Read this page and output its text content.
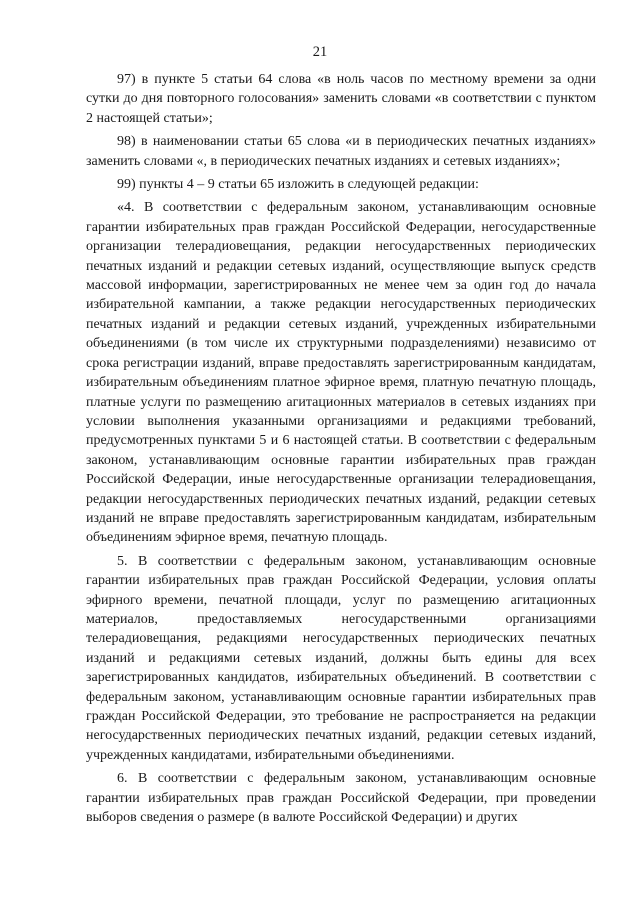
21

97) в пункте 5 статьи 64 слова «в ноль часов по местному времени за одни сутки до дня повторного голосования» заменить словами «в соответствии с пунктом 2 настоящей статьи»;

98) в наименовании статьи 65 слова «и в периодических печатных изданиях» заменить словами «, в периодических печатных изданиях и сетевых изданиях»;

99) пункты 4 – 9 статьи 65 изложить в следующей редакции:

«4. В соответствии с федеральным законом, устанавливающим основные гарантии избирательных прав граждан Российской Федерации, негосударственные организации телерадиовещания, редакции негосударственных периодических печатных изданий и редакции сетевых изданий, осуществляющие выпуск средств массовой информации, зарегистрированных не менее чем за один год до начала избирательной кампании, а также редакции негосударственных периодических печатных изданий и редакции сетевых изданий, учрежденных избирательными объединениями (в том числе их структурными подразделениями) независимо от срока регистрации изданий, вправе предоставлять зарегистрированным кандидатам, избирательным объединениям платное эфирное время, платную печатную площадь, платные услуги по размещению агитационных материалов в сетевых изданиях при условии выполнения указанными организациями и редакциями требований, предусмотренных пунктами 5 и 6 настоящей статьи. В соответствии с федеральным законом, устанавливающим основные гарантии избирательных прав граждан Российской Федерации, иные негосударственные организации телерадиовещания, редакции негосударственных периодических печатных изданий, редакции сетевых изданий не вправе предоставлять зарегистрированным кандидатам, избирательным объединениям эфирное время, печатную площадь.

5. В соответствии с федеральным законом, устанавливающим основные гарантии избирательных прав граждан Российской Федерации, условия оплаты эфирного времени, печатной площади, услуг по размещению агитационных материалов, предоставляемых негосударственными организациями телерадиовещания, редакциями негосударственных периодических печатных изданий и редакциями сетевых изданий, должны быть едины для всех зарегистрированных кандидатов, избирательных объединений. В соответствии с федеральным законом, устанавливающим основные гарантии избирательных прав граждан Российской Федерации, это требование не распространяется на редакции негосударственных периодических печатных изданий, редакции сетевых изданий, учрежденных кандидатами, избирательными объединениями.

6. В соответствии с федеральным законом, устанавливающим основные гарантии избирательных прав граждан Российской Федерации, при проведении выборов сведения о размере (в валюте Российской Федерации) и других
